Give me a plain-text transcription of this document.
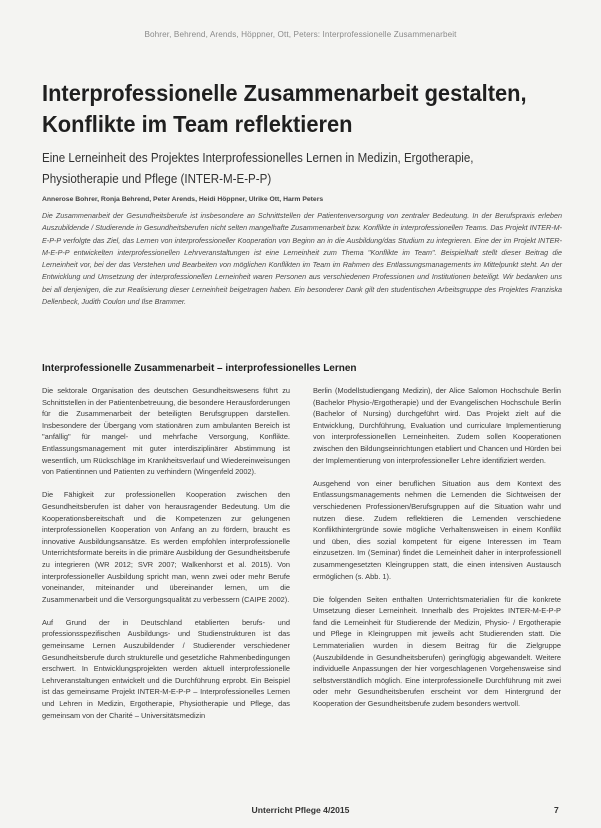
Bohrer, Behrend, Arends, Höppner, Ott, Peters: Interprofessionelle Zusammenarbeit
Interprofessionelle Zusammenarbeit gestalten, Konflikte im Team reflektieren

Eine Lerneinheit des Projektes Interprofessionelles Lernen in Medizin, Ergotherapie, Physiotherapie und Pflege (INTER-M-E-P-P)

Annerose Bohrer, Ronja Behrend, Peter Arends, Heidi Höppner, Ulrike Ott, Harm Peters

Die Zusammenarbeit der Gesundheitsberufe ist insbesondere an Schnittstellen der Patientenversorgung von zentraler Bedeutung. In der Berufspraxis erleben Auszubildende / Studierende in Gesundheitsberufen nicht selten mangelhafte Zusammenarbeit bzw. Konflikte in interprofessionellen Teams. Das Projekt INTER-M-E-P-P verfolgte das Ziel, das Lernen von interprofessioneller Kooperation von Beginn an in die Ausbildung/das Studium zu integrieren. Eine der im Projekt INTER-M-E-P-P entwickelten interprofessionellen Lehrveranstaltungen ist eine Lerneinheit zum Thema "Konflikte im Team". Beispielhaft stellt dieser Beitrag die Lerneinheit vor, bei der das Verstehen und Bearbeiten von möglichen Konflikten im Team im Rahmen des Entlassungsmanagements im Mittelpunkt steht. An der Entwicklung und Umsetzung der interprofessionellen Lerneinheit waren Personen aus verschiedenen Professionen und Institutionen beteiligt. Wir bedanken uns bei all denjenigen, die zur Realisierung dieser Lerneinheit beigetragen haben. Ein besonderer Dank gilt den studentischen Arbeitsgruppe des Projektes Franziska Dellenbeck, Judith Coulon und Ilse Brammer.

Interprofessionelle Zusammenarbeit – interprofessionelles Lernen

Die sektorale Organisation des deutschen Gesundheitswesens führt zu Schnittstellen in der Patientenbetreuung, die besondere Herausforderungen für die Zusammenarbeit der beteiligten Berufsgruppen darstellen. Insbesondere der Übergang vom stationären zum ambulanten Bereich ist "anfällig" für mangel- und mehrfache Versorgung, Konflikte. Entlassungsmanagement mit guter interdisziplinärer Abstimmung ist wesentlich, um Rückschläge im Krankheitsverlauf und Wiedereinweisungen von Patientinnen und Patienten zu verhindern (Wingenfeld 2002).

Die Fähigkeit zur professionellen Kooperation zwischen den Gesundheitsberufen ist daher von herausragender Bedeutung. Um die Kooperationsbereitschaft und die Kompetenzen zur gelungenen interprofessionellen Kooperation von Anfang an zu fördern, braucht es innovative Ausbildungsansätze. Es werden empfohlen interprofessionelle Unterrichtsformate bereits in die primäre Ausbildung der Gesundheitsberufe zu integrieren (WR 2012; SVR 2007; Walkenhorst et al. 2015). Von interprofessioneller Ausbildung spricht man, wenn zwei oder mehr Berufe voneinander, miteinander und übereinander lernen, um die Zusammenarbeit und die Versorgungsqualität zu verbessern (CAIPE 2002).

Auf Grund der in Deutschland etablierten berufs- und professionsspezifischen Ausbildungs- und Studienstrukturen ist das gemeinsame Lernen Auszubildender / Studierender verschiedener Gesundheitsberufe durch strukturelle und gesetzliche Rahmenbedingungen erschwert. In Entwicklungsprojekten werden aktuell interprofessionelle Lehrveranstaltungen entwickelt und die Durchführung erprobt. Ein Beispiel ist das gemeinsame Projekt INTER-M-E-P-P – Interprofessionelles Lernen und Lehren in Medizin, Ergotherapie, Physiotherapie und Pflege, das gemeinsam von der Charité – Universitätsmedizin

Berlin (Modellstudiengang Medizin), der Alice Salomon Hochschule Berlin (Bachelor Physio-/Ergotherapie) und der Evangelischen Hochschule Berlin (Bachelor of Nursing) durchgeführt wird. Das Projekt zielt auf die Entwicklung, Durchführung, Evaluation und curriculare Implementierung von interprofessionellen Lerneinheiten. Zudem sollen Kooperationen zwischen den Bildungseinrichtungen etabliert und Chancen und Hürden bei der Implementierung von interprofessioneller Lehre identifiziert werden.

Ausgehend von einer beruflichen Situation aus dem Kontext des Entlassungsmanagements nehmen die Lernenden die Sichtweisen der verschiedenen Professionen/Berufsgruppen auf die Situation wahr und nutzen diese. Zudem reflektieren die Lernenden verschiedene Konflikthintergründe sowie mögliche Verhaltensweisen in einem Konflikt und üben, dies sozial kompetent für eigene Interessen im Team einzusetzen. Im (Seminar) findet die Lerneinheit daher in interprofessionell zusammengesetzten Kleingruppen statt, die einen intensiven Austausch ermöglichen (s. Abb. 1).

Die folgenden Seiten enthalten Unterrichtsmaterialien für die konkrete Umsetzung dieser Lerneinheit. Innerhalb des Projektes INTER-M-E-P-P fand die Lerneinheit für Studierende der Medizin, Physio- / Ergotherapie und Pflege in Kleingruppen mit jeweils acht Studierenden statt. Die Lernmaterialien wurden in diesem Beitrag für die Zielgruppe (Auszubildende in Gesundheitsberufen) geringfügig abgewandelt. Weitere individuelle Anpassungen der hier vorgeschlagenen Vorgehensweise sind selbstverständlich möglich. Eine interprofessionelle Durchführung mit zwei oder mehr Gesundheitsberufen erscheint vor dem Hintergrund der Kooperation der Gesundheitsberufe zudem besonders wertvoll.

Unterricht Pflege 4/2015	7
